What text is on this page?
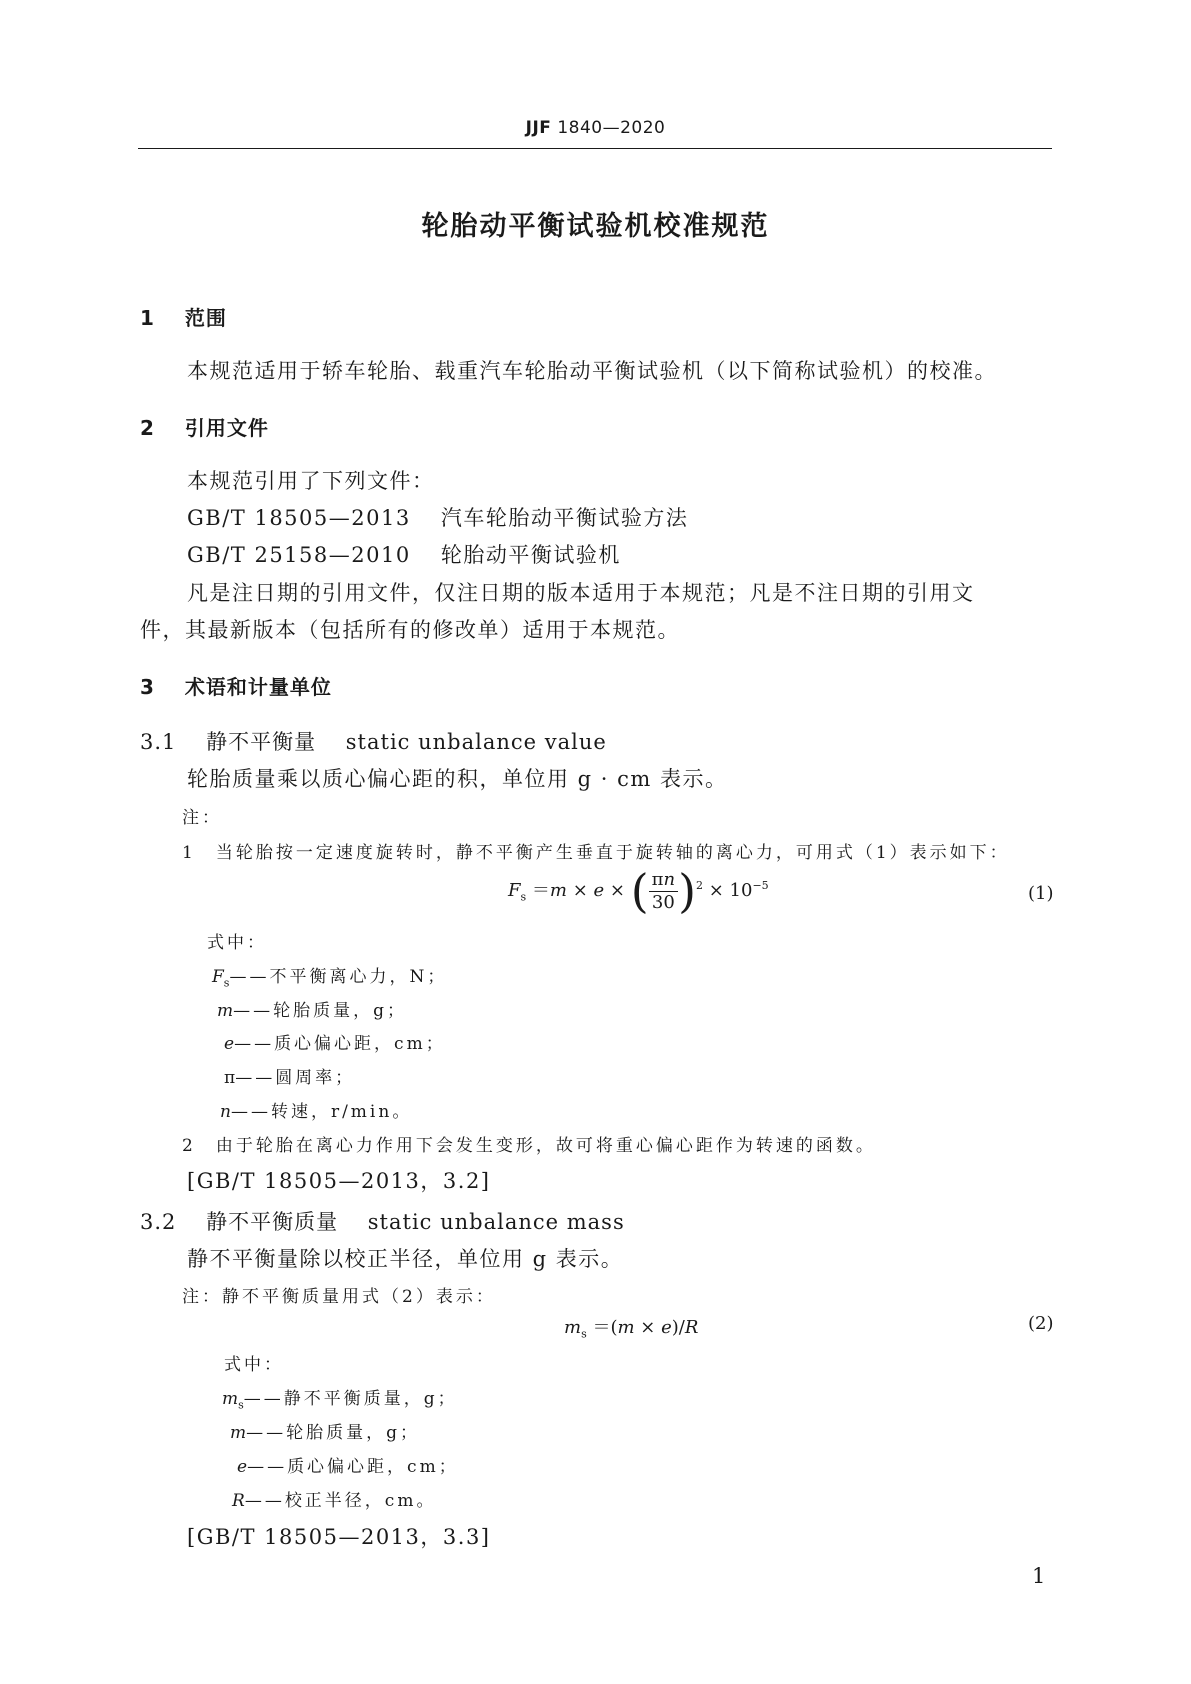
JJF 1840—2020
轮胎动平衡试验机校准规范
1 范围
本规范适用于轿车轮胎、载重汽车轮胎动平衡试验机（以下简称试验机）的校准。
2 引用文件
本规范引用了下列文件：
GB/T 18505—2013 汽车轮胎动平衡试验方法
GB/T 25158—2010 轮胎动平衡试验机
凡是注日期的引用文件，仅注日期的版本适用于本规范；凡是不注日期的引用文
件，其最新版本（包括所有的修改单）适用于本规范。
3 术语和计量单位
3.1 静不平衡量 static unbalance value
轮胎质量乘以质心偏心距的积，单位用 g · cm 表示。
注：
1　当轮胎按一定速度旋转时，静不平衡产生垂直于旋转轴的离心力，可用式（1）表示如下：
$F_s =m \times e$ × ( $\frac{\pi n}{30} )^2 \times 10^{-5}$	(1)
式中：
$F_s——$不平衡离心力，N；
m——轮胎质量，g；
e——质心偏心距，cm；
π——圆周率；
n——转速，r/min。
2　由于轮胎在离心力作用下会发生变形，故可将重心偏心距作为转速的函数。
[GB/T 18505—2013，3.2]
3.2 静不平衡质量 static unbalance mass
静不平衡量除以校正半径，单位用 g 表示。
注：静不平衡质量用式（2）表示：
$m_s =(m \times e)/R$	(2)
式中：
$m_s——$静不平衡质量，g；
m——轮胎质量，g；
e——质心偏心距，cm；
R——校正半径，cm。
[GB/T 18505—2013，3.3]
1
